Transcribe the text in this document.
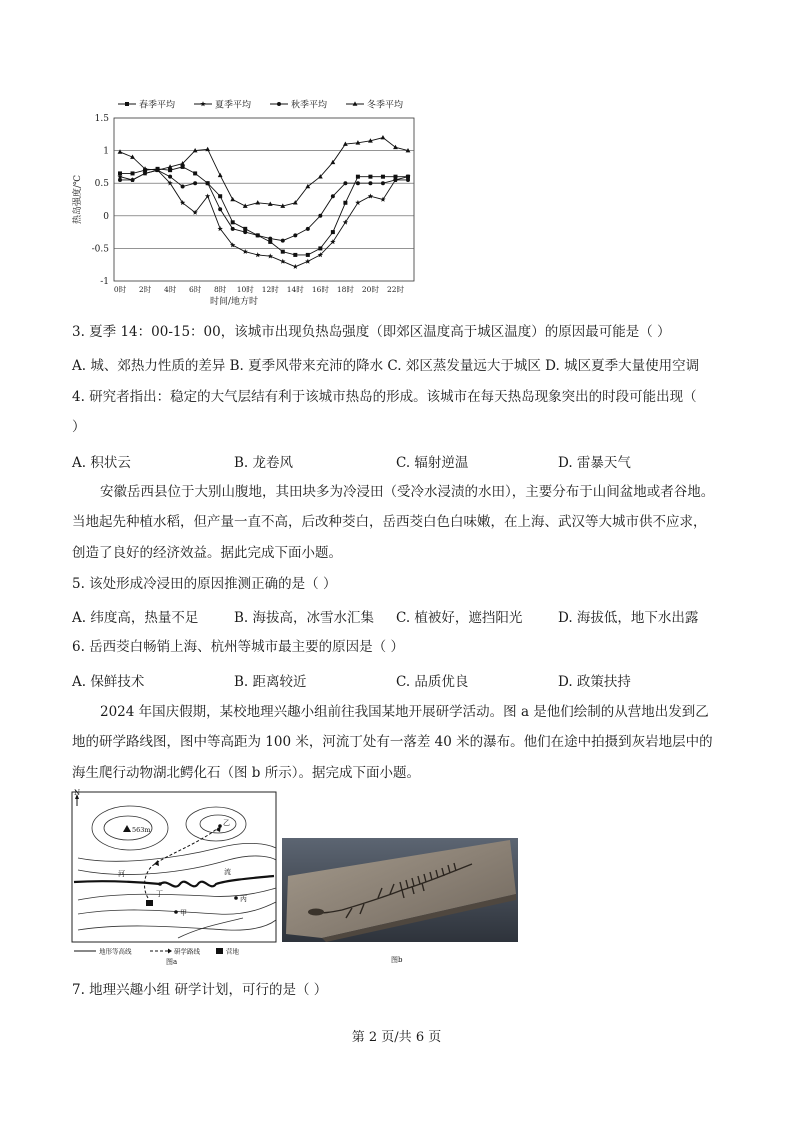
1.5
1
0.5
0
-0.5
-1
0时 2时 4时 6时 8时 10时 12时 14时 16时 18时 20时 22时
时间/地方时
热岛强度/℃
春季平均	夏季平均	秋季平均	冬季平均
3. 夏季 14：00-15：00，该城市出现负热岛强度（即郊区温度高于城区温度）的原因最可能是（ ）
A. 城、郊热力性质的差异 B. 夏季风带来充沛的降水 C. 郊区蒸发量远大于城区 D. 城区夏季大量使用空调
4. 研究者指出：稳定的大气层结有利于该城市热岛的形成。该城市在每天热岛现象突出的时段可能出现（
）
A. 积状云	B. 龙卷风	C. 辐射逆温	D. 雷暴天气
安徽岳西县位于大别山腹地，其田块多为冷浸田（受冷水浸渍的水田），主要分布于山间盆地或者谷地。
当地起先种植水稻，但产量一直不高，后改种茭白，岳西茭白色白味嫩，在上海、武汉等大城市供不应求，
创造了良好的经济效益。据此完成下面小题。
5. 该处形成冷浸田的原因推测正确的是（ ）
A. 纬度高，热量不足	B. 海拔高，冰雪水汇集 C. 植被好，遮挡阳光	D. 海拔低，地下水出露
6. 岳西茭白畅销上海、杭州等城市最主要的原因是（ ）
A. 保鲜技术	B. 距离较近	C. 品质优良	D. 政策扶持
2024 年国庆假期，某校地理兴趣小组前往我国某地开展研学活动。图 a 是他们绘制的从营地出发到乙
地的研学路线图，图中等高距为 100 米，河流丁处有一落差 40 米的瀑布。他们在途中拍摄到灰岩地层中的
海生爬行动物湖北鳄化石（图 b 所示）。据完成下面小题。
N
563m
乙
河	流
丁
丙
甲
地形等高线	研学路线	营地
图a	图b
7. 地理兴趣小组 研学计划，可行的是（ ）
第 2 页/共 6 页
